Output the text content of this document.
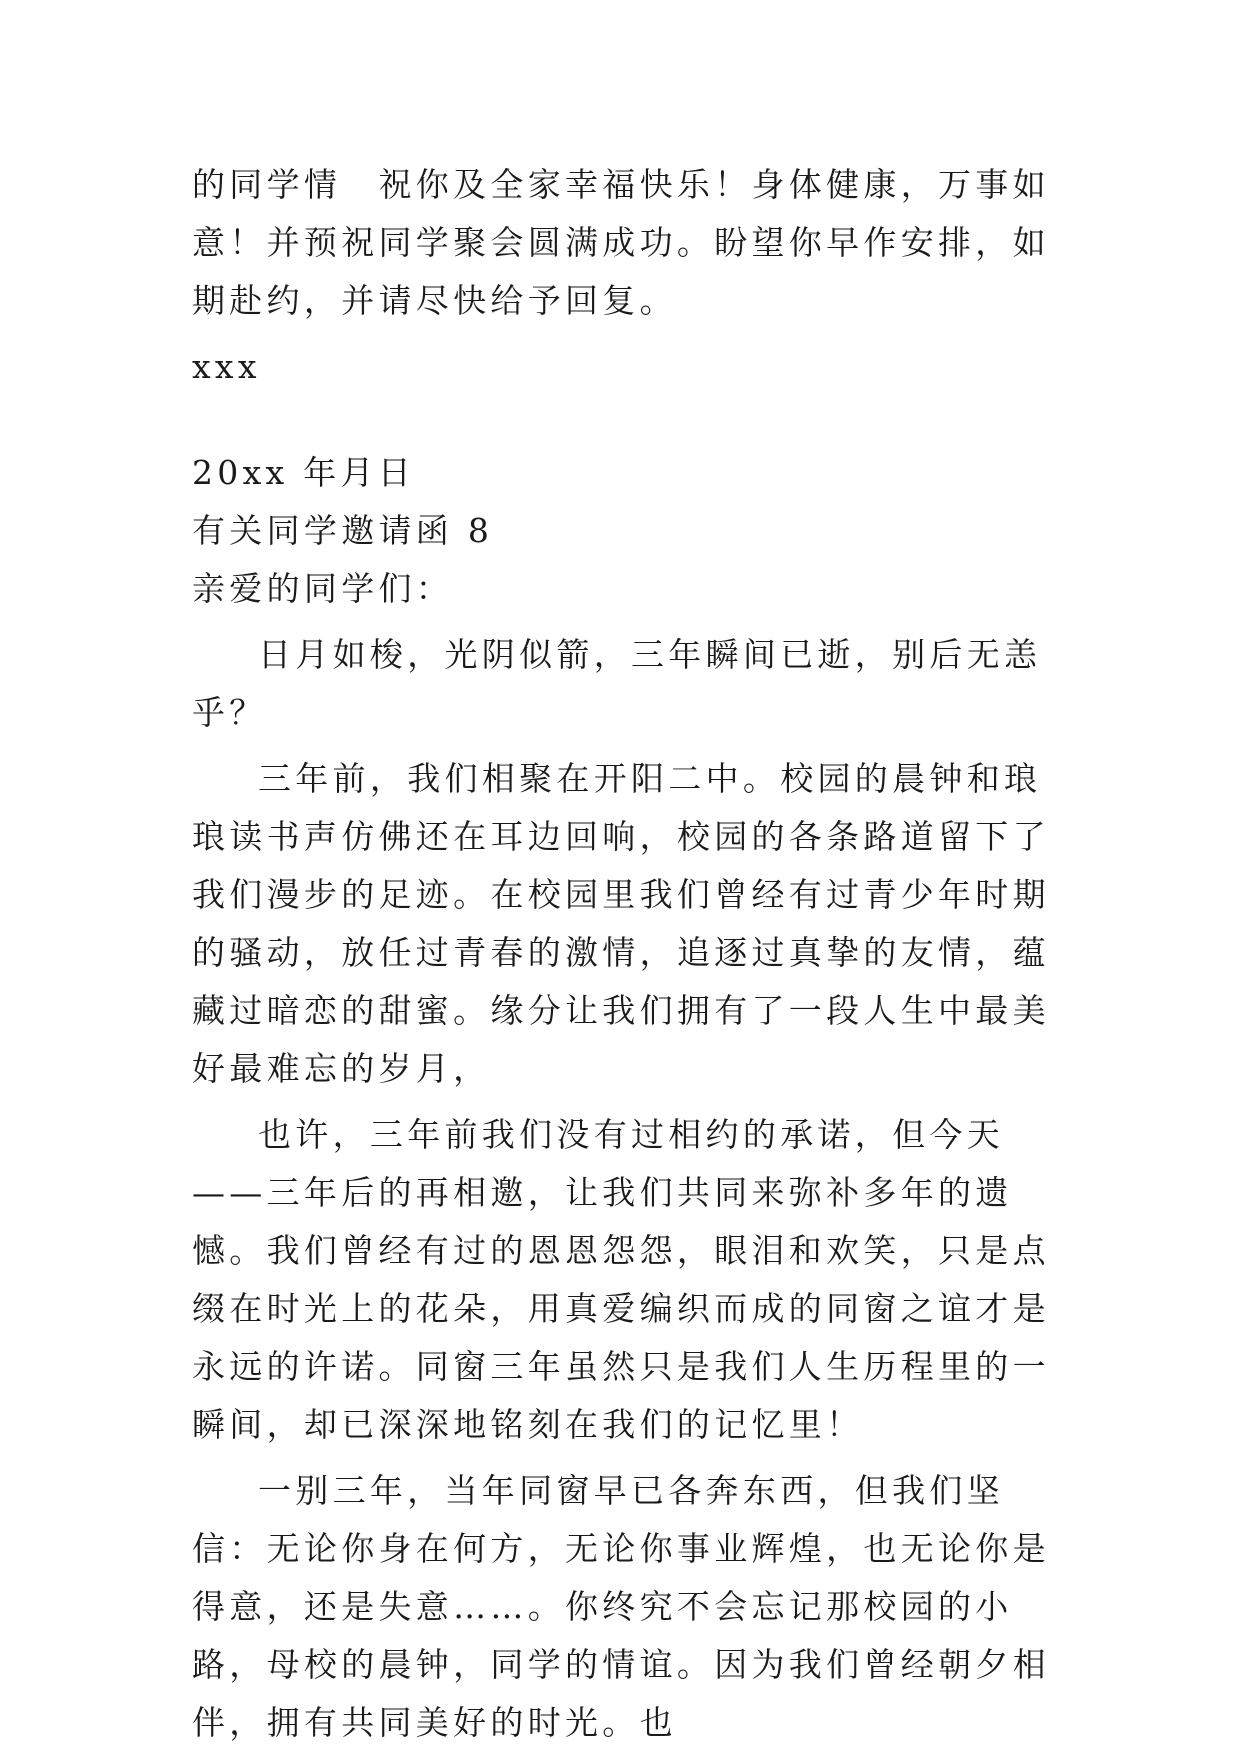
的同学情　祝你及全家幸福快乐！身体健康，万事如意！并预祝同学聚会圆满成功。盼望你早作安排，如期赴约，并请尽快给予回复。

xxx

20xx 年月日

有关同学邀请函 8

亲爱的同学们：

日月如梭，光阴似箭，三年瞬间已逝，别后无恙乎？

三年前，我们相聚在开阳二中。校园的晨钟和琅琅读书声仿佛还在耳边回响，校园的各条路道留下了我们漫步的足迹。在校园里我们曾经有过青少年时期的骚动，放任过青春的激情，追逐过真挚的友情，蕴藏过暗恋的甜蜜。缘分让我们拥有了一段人生中最美好最难忘的岁月，

也许，三年前我们没有过相约的承诺，但今天——三年后的再相邀，让我们共同来弥补多年的遗憾。我们曾经有过的恩恩怨怨，眼泪和欢笑，只是点缀在时光上的花朵，用真爱编织而成的同窗之谊才是永远的许诺。同窗三年虽然只是我们人生历程里的一瞬间，却已深深地铭刻在我们的记忆里！

一别三年，当年同窗早已各奔东西，但我们坚信：无论你身在何方，无论你事业辉煌，也无论你是得意，还是失意……。你终究不会忘记那校园的小路，母校的晨钟，同学的情谊。因为我们曾经朝夕相伴，拥有共同美好的时光。也
